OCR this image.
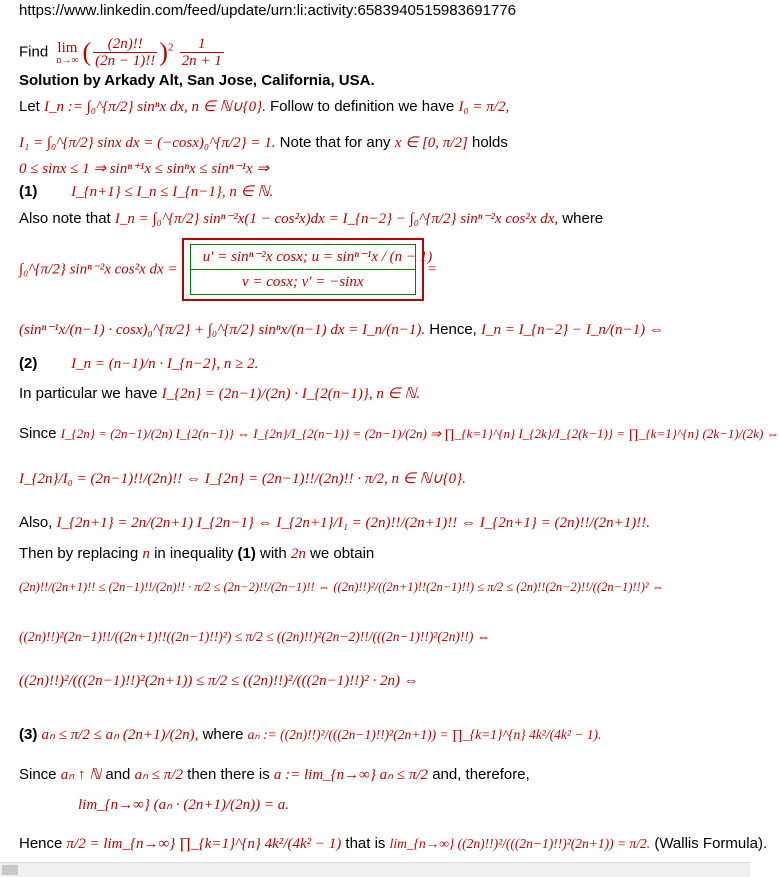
https://www.linkedin.com/feed/update/urn:li:activity:6583940515983691776
Find lim
n→∞ ( $\frac{(2n)!!}{(2n - 1)!!} )^2 \frac{1}{2n + 1}$
Solution by Arkady Alt, San Jose, California, USA.
Let I_n := ∫₀^{π/2} sinⁿx dx, n ∈ ℕ∪{0}. Follow to definition we have I₀ = π/2,
I₁ = ∫₀^{π/2} sinx dx = (−cosx)₀^{π/2} = 1. Note that for any x ∈ [0, π/2] holds
0 ≤ sinx ≤ 1 ⇒ sinⁿ⁺¹x ≤ sinⁿx ≤ sinⁿ⁻¹x ⇒
(1) I_{n+1} ≤ I_n ≤ I_{n−1}, n ∈ ℕ.
Also note that I_n = ∫₀^{π/2} sinⁿ⁻²x(1 − cos²x)dx = I_{n−2} − ∫₀^{π/2} sinⁿ⁻²x cos²x dx, where
∫₀^{π/2} sinⁿ⁻²x cos²x dx = $\frac{\text{u′ = sinⁿ⁻²x cosx; u = sinⁿ⁻¹x / (n − 1)}}{v = \cos x; v' = -\sin x}$ =
(sinⁿ⁻¹x/(n−1) · cosx)₀^{π/2} + ∫₀^{π/2} sinⁿx/(n−1) dx = I_n/(n−1). Hence, I_n = I_{n−2} − I_n/(n−1) ⇔
(2) I_n = (n−1)/n · I_{n−2}, n ≥ 2.
In particular we have I_{2n} = (2n−1)/(2n) · I_{2(n−1)}, n ∈ ℕ.
Since I_{2n} = (2n−1)/(2n) I_{2(n−1)} ⇔ I_{2n}/I_{2(n−1)} = (2n−1)/(2n) ⇒ ∏_{k=1}^{n} I_{2k}/I_{2(k−1)} = ∏_{k=1}^{n} (2k−1)/(2k) ⇔
I_{2n}/I₀ = (2n−1)!!/(2n)!! ⇔ I_{2n} = (2n−1)!!/(2n)!! · π/2, n ∈ ℕ∪{0}.
Also, I_{2n+1} = 2n/(2n+1) I_{2n−1} ⇔ I_{2n+1}/I₁ = (2n)!!/(2n+1)!! ⇔ I_{2n+1} = (2n)!!/(2n+1)!!.
Then by replacing n in inequality (1) with 2n we obtain
(2n)!!/(2n+1)!! ≤ (2n−1)!!/(2n)!! · π/2 ≤ (2n−2)!!/(2n−1)!! ⇔ ((2n)!!)²/((2n+1)!!(2n−1)!!) ≤ π/2 ≤ (2n)!!(2n−2)!!/((2n−1)!!)² ⇔
((2n)!!)²(2n−1)!!/((2n+1)!!((2n−1)!!)²) ≤ π/2 ≤ ((2n)!!)²(2n−2)!!/(((2n−1)!!)²(2n)!!) ⇔
((2n)!!)²/(((2n−1)!!)²(2n+1)) ≤ π/2 ≤ ((2n)!!)²/(((2n−1)!!)² · 2n) ⇔
(3) aₙ ≤ π/2 ≤ aₙ (2n+1)/(2n), where aₙ := ((2n)!!)²/(((2n−1)!!)²(2n+1)) = ∏_{k=1}^{n} 4k²/(4k² − 1).
Since aₙ ↑ ℕ and aₙ ≤ π/2 then there is a := lim_{n→∞} aₙ ≤ π/2 and, therefore,
lim_{n→∞} (aₙ · (2n+1)/(2n)) = a.
Hence π/2 = lim_{n→∞} ∏_{k=1}^{n} 4k²/(4k² − 1) that is lim_{n→∞} ((2n)!!)²/(((2n−1)!!)²(2n+1)) = π/2. (Wallis Formula).
